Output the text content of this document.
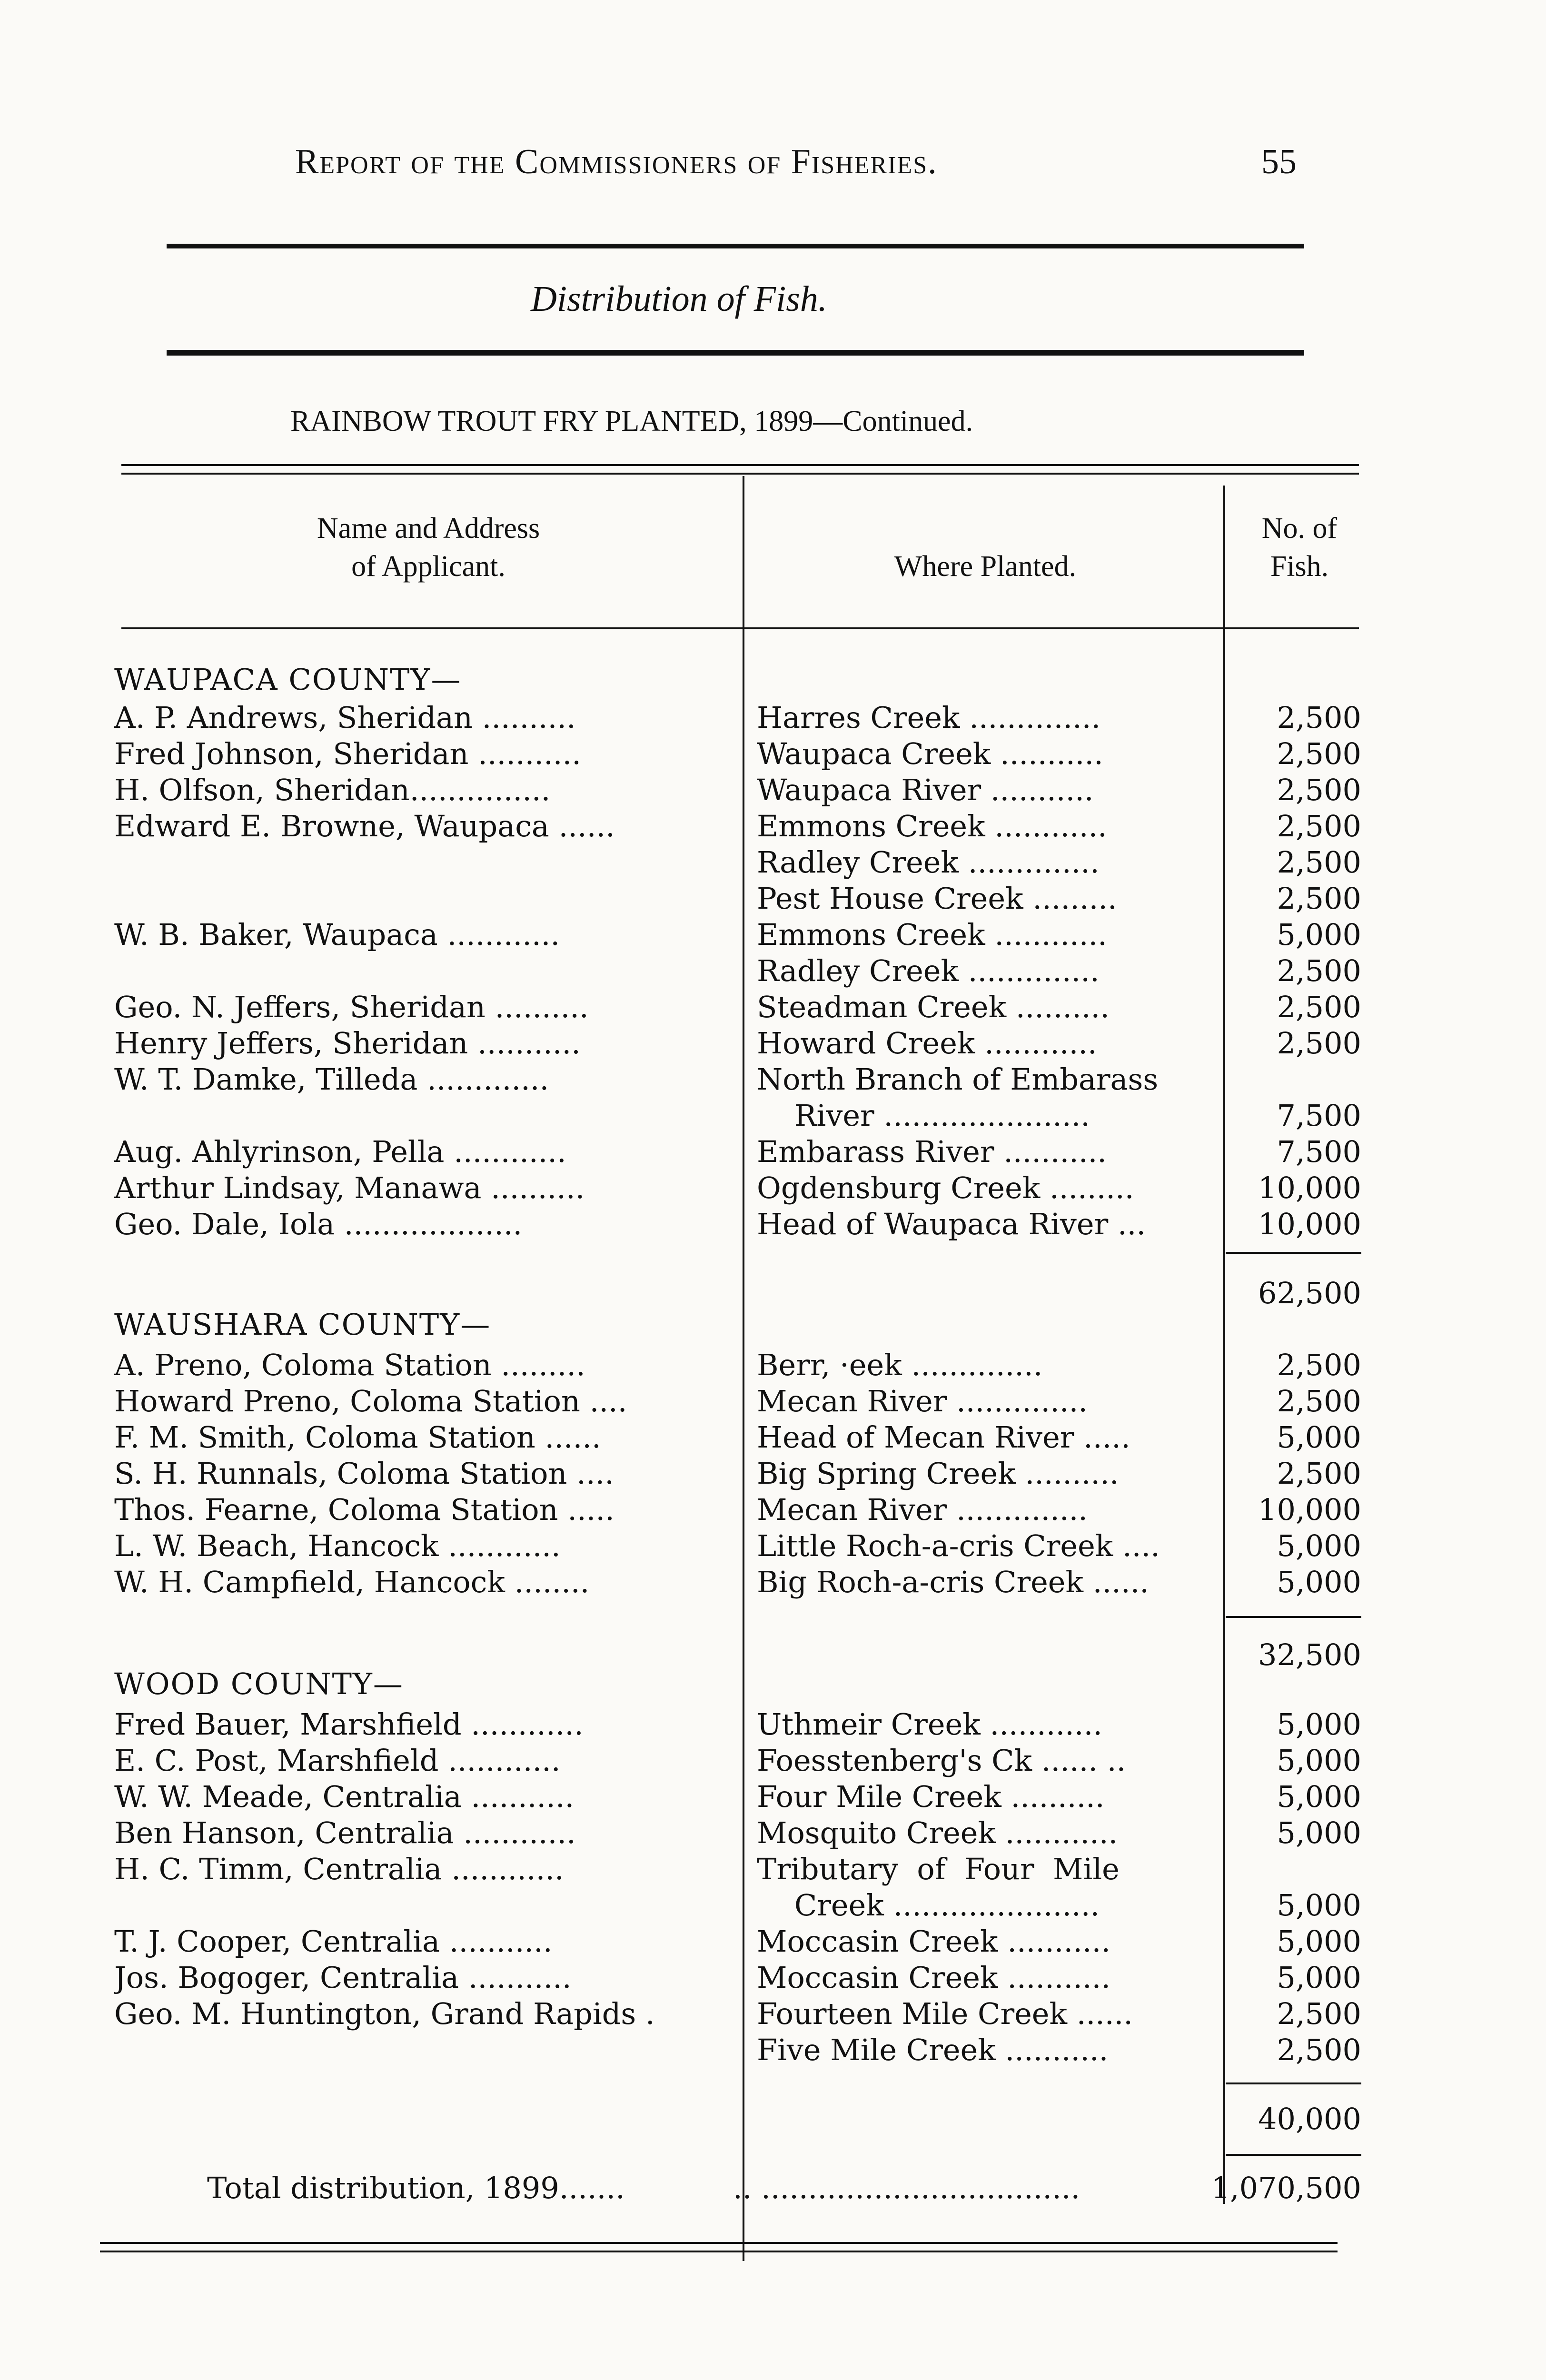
Report of the Commissioners of Fisheries.	55
Distribution of Fish.
RAINBOW TROUT FRY PLANTED, 1899—Continued.
Name and Address
of Applicant.	Where Planted.
No. of
Fish.
WAUPACA COUNTY—
A. P. Andrews, Sheridan ..........	Harres Creek ..............	2,500
Fred Johnson, Sheridan ...........	Waupaca Creek ...........	2,500
H. Olfson, Sheridan...............	Waupaca River ...........	2,500
Edward E. Browne, Waupaca ......	Emmons Creek ............	2,500
Radley Creek ..............	2,500
Pest House Creek .........	2,500
W. B. Baker, Waupaca ............	Emmons Creek ............	5,000
Radley Creek ..............	2,500
Geo. N. Jeffers, Sheridan ..........	Steadman Creek ..........	2,500
Henry Jeffers, Sheridan ...........	Howard Creek ............	2,500
W. T. Damke, Tilleda .............	North Branch of Embarass
River ......................	7,500
Aug. Ahlyrinson, Pella ............	Embarass River ...........	7,500
Arthur Lindsay, Manawa ..........	Ogdensburg Creek .........	10,000
Geo. Dale, Iola ...................	Head of Waupaca River ...	10,000
62,500
WAUSHARA COUNTY—
A. Preno, Coloma Station .........	Berr, ·eek ..............	2,500
Howard Preno, Coloma Station ....	Mecan River ..............	2,500
F. M. Smith, Coloma Station ......	Head of Mecan River .....	5,000
S. H. Runnals, Coloma Station ....	Big Spring Creek ..........	2,500
Thos. Fearne, Coloma Station .....	Mecan River ..............	10,000
L. W. Beach, Hancock ............	Little Roch-a-cris Creek ....	5,000
W. H. Campfield, Hancock ........	Big Roch-a-cris Creek ......	5,000
32,500
WOOD COUNTY—
Fred Bauer, Marshfield ............	Uthmeir Creek ............	5,000
E. C. Post, Marshfield ............	Foesstenberg's Ck ...... ..	5,000
W. W. Meade, Centralia ...........	Four Mile Creek ..........	5,000
Ben Hanson, Centralia ............	Mosquito Creek ............	5,000
H. C. Timm, Centralia ............	Tributary  of  Four  Mile
Creek ......................	5,000
T. J. Cooper, Centralia ...........	Moccasin Creek ...........	5,000
Jos. Bogoger, Centralia ...........	Moccasin Creek ...........	5,000
Geo. M. Huntington, Grand Rapids .	Fourteen Mile Creek ......	2,500
Five Mile Creek ...........	2,500
40,000
Total distribution, 1899.......	.. ..................................	1,070,500
